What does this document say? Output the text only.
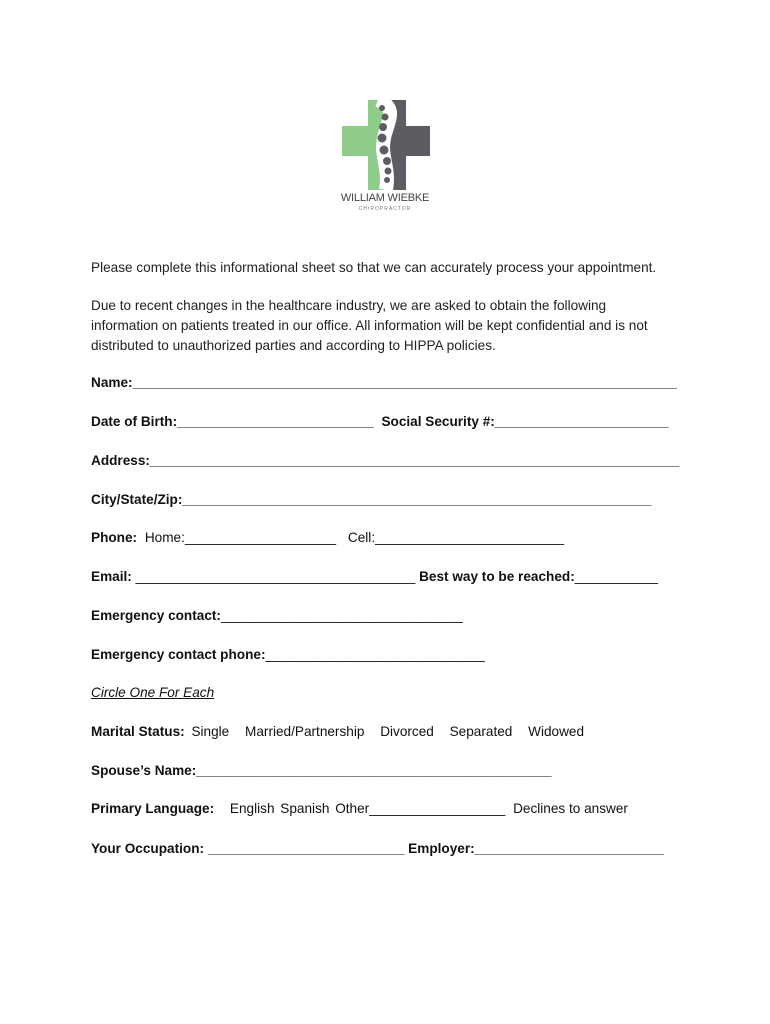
WILLIAM WIEBKE
CHIROPRACTOR
Please complete this informational sheet so that we can accurately process your appointment.
Due to recent changes in the healthcare industry, we are asked to obtain the following information on patients treated in our office. All information will be kept confidential and is not distributed to unauthorized parties and according to HIPPA policies.
Name:________________________________________________________________________
Date of Birth:__________________________ Social Security #:_______________________
Address:______________________________________________________________________
City/State/Zip:______________________________________________________________
Phone: Home:____________________ Cell:_________________________
Email: _____________________________________ Best way to be reached:___________
Emergency contact:________________________________
Emergency contact phone:_____________________________
Circle One For Each
Marital Status: Single Married/Partnership Divorced Separated Widowed
Spouse’s Name:_______________________________________________
Primary Language: English Spanish Other__________________ Declines to answer
Your Occupation: __________________________ Employer:_________________________
